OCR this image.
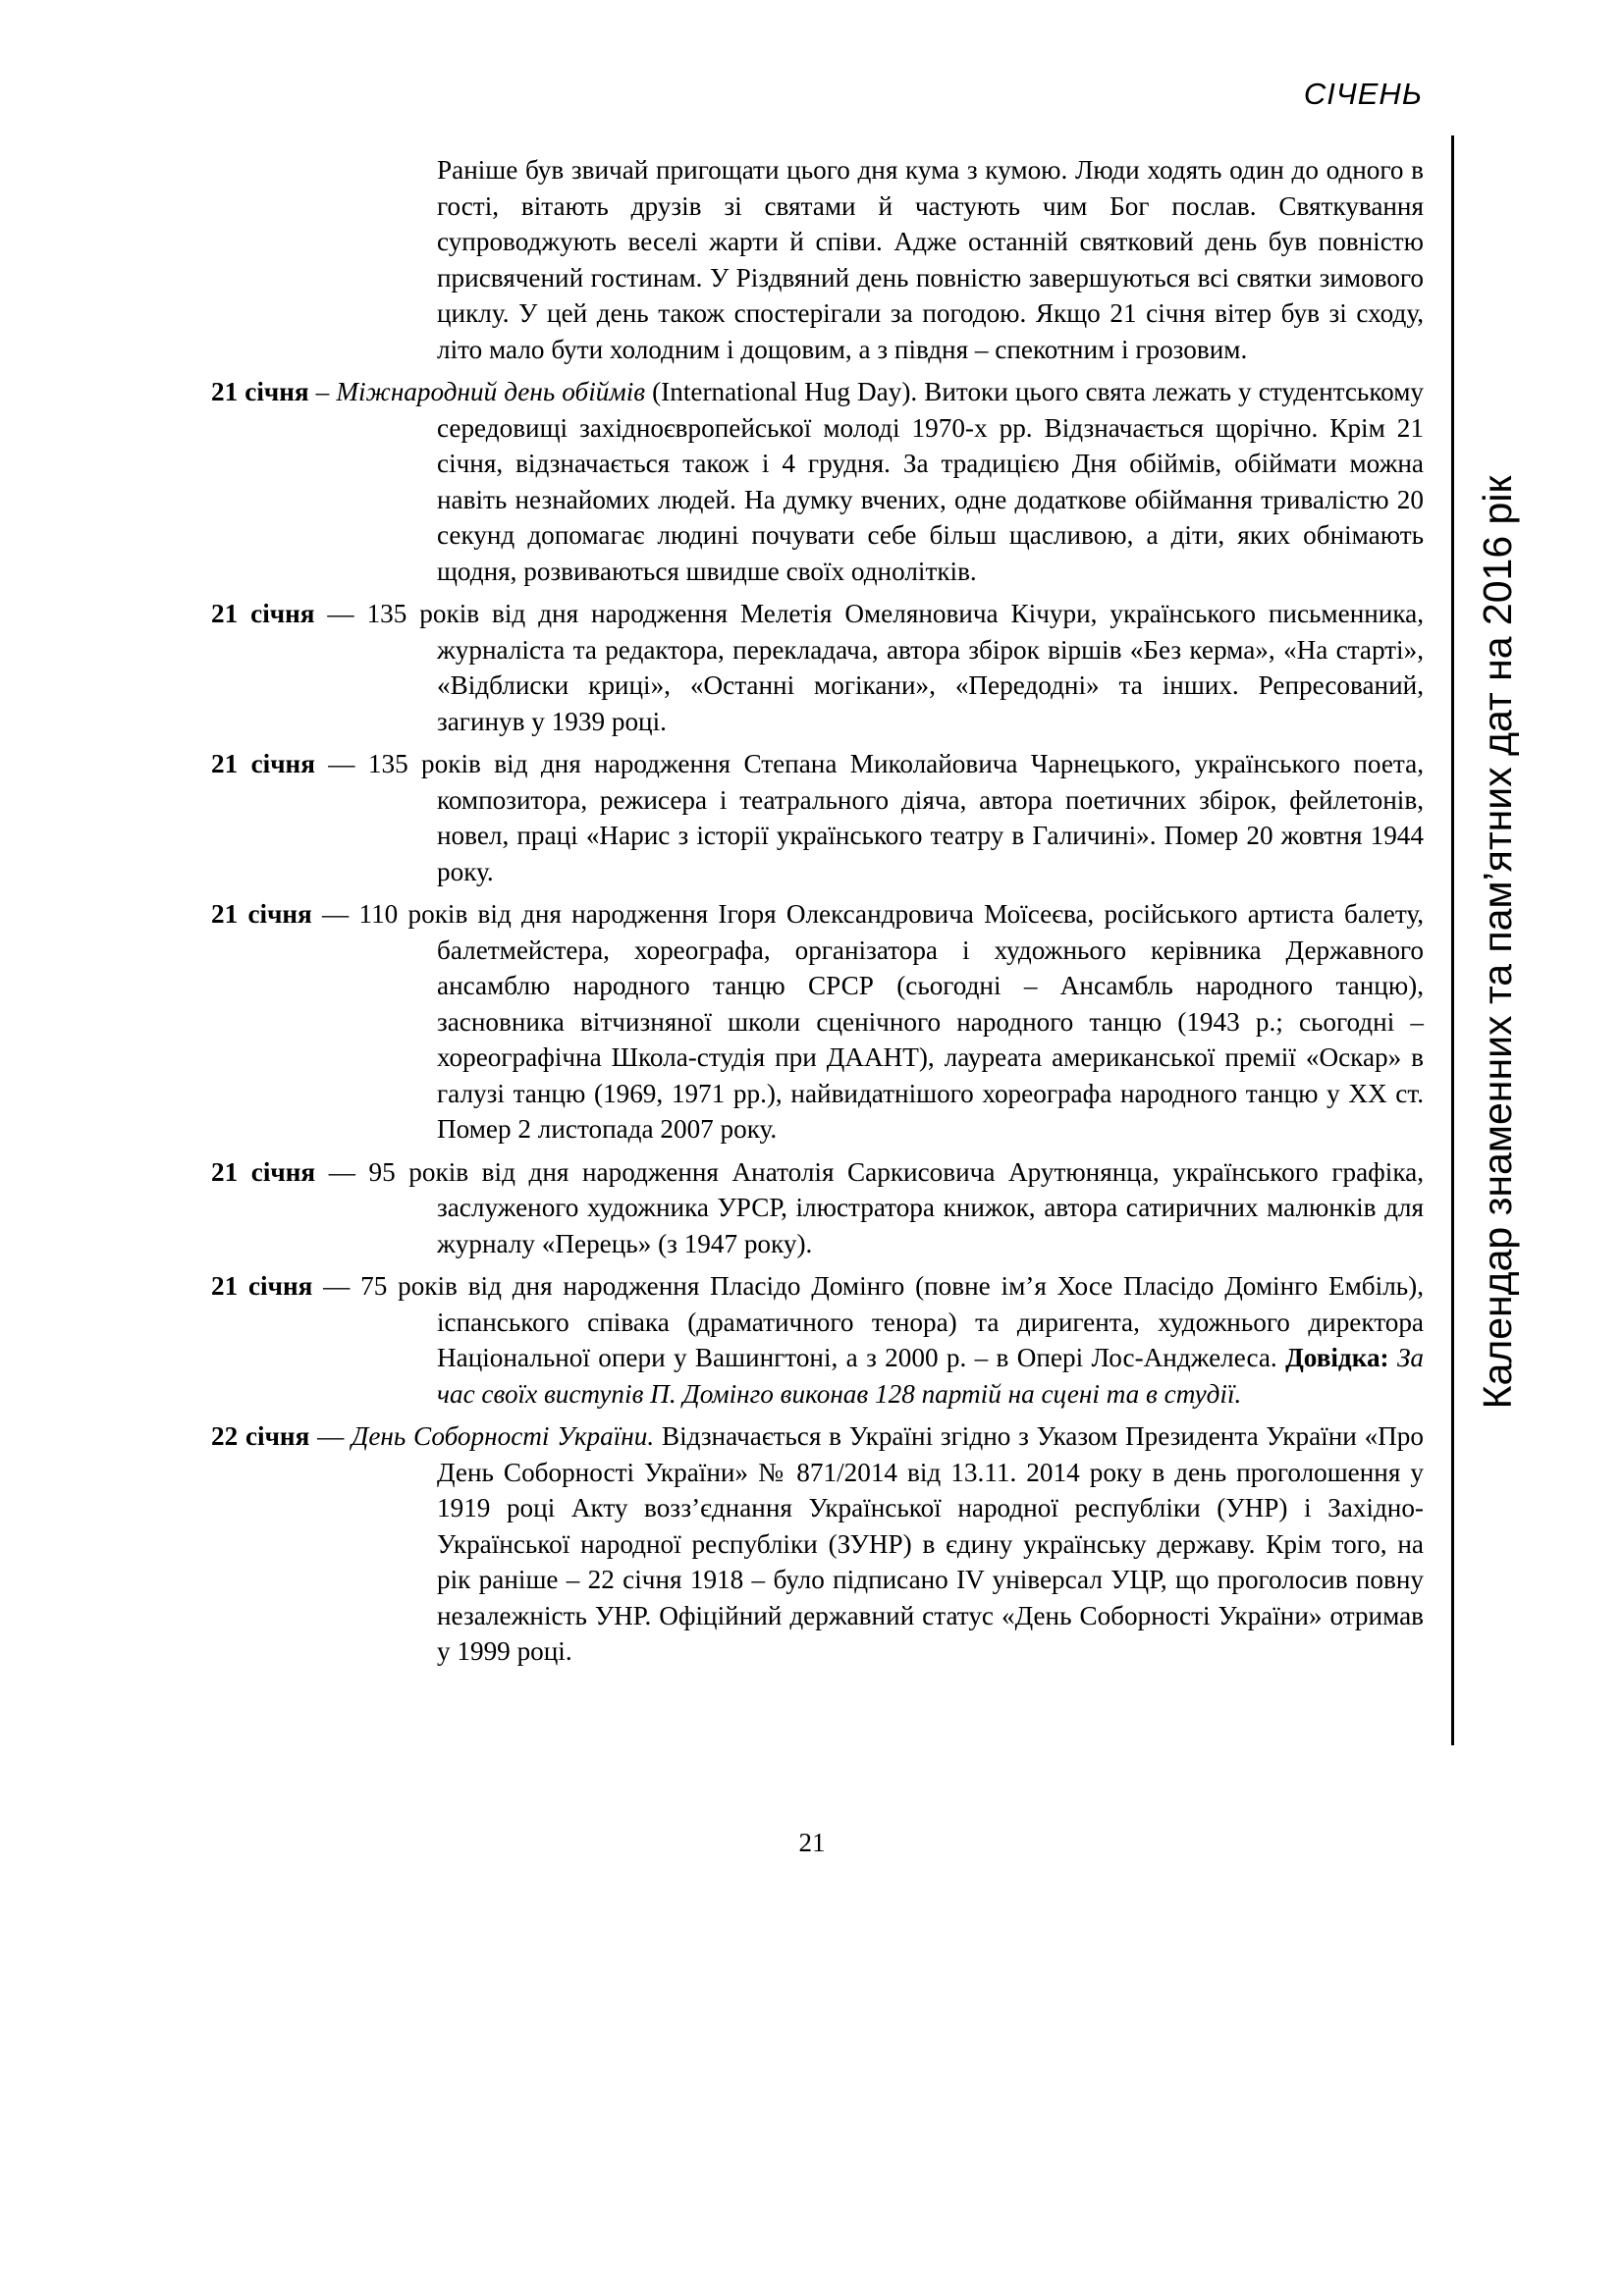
СІЧЕНЬ
Календар знаменних та пам’ятних дат на 2016 рік

Раніше був звичай пригощати цього дня кума з кумою. Люди ходять один до одного в гості, вітають друзів зі святами й частують чим Бог послав. Святкування супроводжують веселі жарти й співи. Адже останній святковий день був повністю присвячений гостинам. У Різдвяний день повністю завершуються всі святки зимового циклу. У цей день також спостерігали за погодою. Якщо 21 січня вітер був зі сходу, літо мало бути холодним і дощовим, а з півдня – спекотним і грозовим.

21 січня – Міжнародний день обіймів (International Hug Day). Витоки цього свята лежать у студентському середовищі західноєвропейської молоді 1970-х рр. Відзначається щорічно. Крім 21 січня, відзначається також і 4 грудня. За традицією Дня обіймів, обіймати можна навіть незнайомих людей. На думку вчених, одне додаткове обіймання тривалістю 20 секунд допомагає людині почувати себе більш щасливою, а діти, яких обнімають щодня, розвиваються швидше своїх однолітків.

21 січня — 135 років від дня народження Мелетія Омеляновича Кічури, українського письменника, журналіста та редактора, перекладача, автора збірок віршів «Без керма», «На старті», «Відблиски криці», «Останні могікани», «Передодні» та інших. Репресований, загинув у 1939 році.

21 січня — 135 років від дня народження Степана Миколайовича Чарнецького, українського поета, композитора, режисера і театрального діяча, автора поетичних збірок, фейлетонів, новел, праці «Нарис з історії українського театру в Галичині». Помер 20 жовтня 1944 року.

21 січня — 110 років від дня народження Ігоря Олександровича Моїсеєва, російського артиста балету, балетмейстера, хореографа, організатора і художнього керівника Державного ансамблю народного танцю СРСР (сьогодні – Ансамбль народного танцю), засновника вітчизняної школи сценічного народного танцю (1943 р.; сьогодні – хореографічна Школа-студія при ДААНТ), лауреата американської премії «Оскар» в галузі танцю (1969, 1971 рр.), найвидатнішого хореографа народного танцю у XX ст. Помер 2 листопада 2007 року.

21 січня — 95 років від дня народження Анатолія Саркисовича Арутюнянца, українського графіка, заслуженого художника УРСР, ілюстратора книжок, автора сатиричних малюнків для журналу «Перець» (з 1947 року).

21 січня — 75 років від дня народження Пласідо Домінго (повне ім’я Хосе Пласідо Домінго Ембіль), іспанського співака (драматичного тенора) та диригента, художнього директора Національної опери у Вашингтоні, а з 2000 р. – в Опері Лос-Анджелеса. Довідка: За час своїх виступів П. Домінго виконав 128 партій на сцені та в студії.

22 січня — День Соборності України. Відзначається в Україні згідно з Указом Президента України «Про День Соборності України» № 871/2014 від 13.11. 2014 року в день проголошення у 1919 році Акту возз’єднання Української народної республіки (УНР) і Західно-Української народної республіки (ЗУНР) в єдину українську державу. Крім того, на рік раніше – 22 січня 1918 – було підписано IV універсал УЦР, що проголосив повну незалежність УНР. Офіційний державний статус «День Соборності України» отримав у 1999 році.

21
